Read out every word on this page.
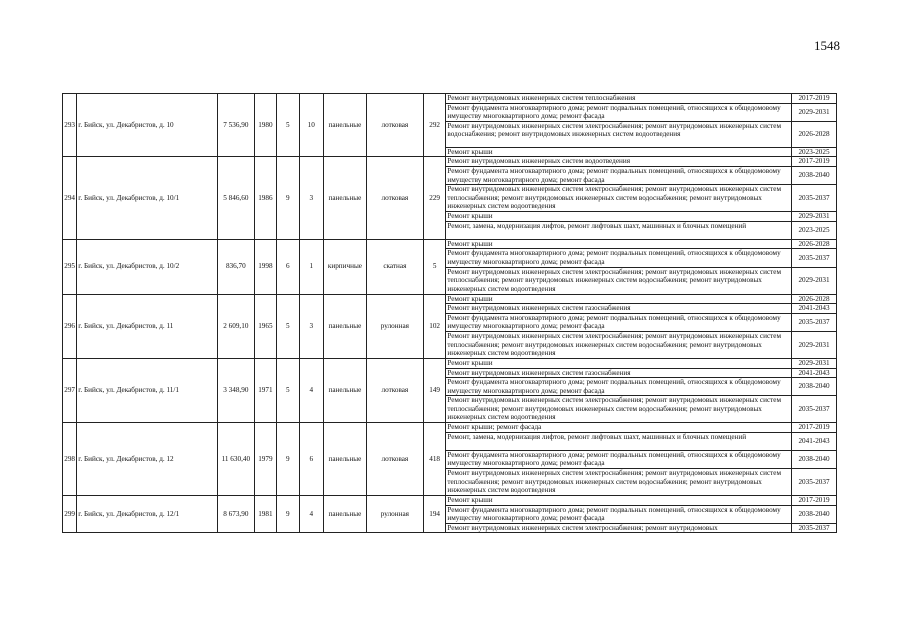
1548
293	г. Бийск, ул. Декабристов, д. 10	7 536,90	1980	5	10	панельные	лотковая	292	Ремонт внутридомовых инженерных систем теплоснабжения	2017-2019
									Ремонт фундамента многоквартирного дома; ремонт подвальных помещений, относящихся к общедомовому имуществу многоквартирного дома; ремонт фасада	2029-2031
									Ремонт внутридомовых инженерных систем электроснабжения; ремонт внутридомовых инженерных систем водоснабжения; ремонт внутридомовых инженерных систем водоотведения	2026-2028
									Ремонт крыши	2023-2025
294	г. Бийск, ул. Декабристов, д. 10/1	5 846,60	1986	9	3	панельные	лотковая	229	Ремонт внутридомовых инженерных систем водоотведения	2017-2019
									Ремонт фундамента многоквартирного дома; ремонт подвальных помещений, относящихся к общедомовому имуществу многоквартирного дома; ремонт фасада	2038-2040
									Ремонт внутридомовых инженерных систем электроснабжения; ремонт внутридомовых инженерных систем теплоснабжения; ремонт внутридомовых инженерных систем водоснабжения; ремонт внутридомовых инженерных систем водоотведения	2035-2037
									Ремонт крыши	2029-2031
									Ремонт, замена, модернизация лифтов, ремонт лифтовых шахт, машинных и блочных помещений	2023-2025
295	г. Бийск, ул. Декабристов, д. 10/2	836,70	1998	6	1	кирпичные	скатная	5	Ремонт крыши	2026-2028
									Ремонт фундамента многоквартирного дома; ремонт подвальных помещений, относящихся к общедомовому имуществу многоквартирного дома; ремонт фасада	2035-2037
									Ремонт внутридомовых инженерных систем электроснабжения; ремонт внутридомовых инженерных систем теплоснабжения; ремонт внутридомовых инженерных систем водоснабжения; ремонт внутридомовых инженерных систем водоотведения	2029-2031
296	г. Бийск, ул. Декабристов, д. 11	2 609,10	1965	5	3	панельные	рулонная	102	Ремонт крыши	2026-2028
									Ремонт внутридомовых инженерных систем газоснабжения	2041-2043
									Ремонт фундамента многоквартирного дома; ремонт подвальных помещений, относящихся к общедомовому имуществу многоквартирного дома; ремонт фасада	2035-2037
									Ремонт внутридомовых инженерных систем электроснабжения; ремонт внутридомовых инженерных систем теплоснабжения; ремонт внутридомовых инженерных систем водоснабжения; ремонт внутридомовых инженерных систем водоотведения	2029-2031
297	г. Бийск, ул. Декабристов, д. 11/1	3 348,90	1971	5	4	панельные	лотковая	149	Ремонт крыши	2029-2031
									Ремонт внутридомовых инженерных систем газоснабжения	2041-2043
									Ремонт фундамента многоквартирного дома; ремонт подвальных помещений, относящихся к общедомовому имуществу многоквартирного дома; ремонт фасада	2038-2040
									Ремонт внутридомовых инженерных систем электроснабжения; ремонт внутридомовых инженерных систем теплоснабжения; ремонт внутридомовых инженерных систем водоснабжения; ремонт внутридомовых инженерных систем водоотведения	2035-2037
298	г. Бийск, ул. Декабристов, д. 12	11 630,40	1979	9	6	панельные	лотковая	418	Ремонт крыши; ремонт фасада	2017-2019
									Ремонт, замена, модернизация лифтов, ремонт лифтовых шахт, машинных и блочных помещений	2041-2043
									Ремонт фундамента многоквартирного дома; ремонт подвальных помещений, относящихся к общедомовому имуществу многоквартирного дома; ремонт фасада	2038-2040
									Ремонт внутридомовых инженерных систем электроснабжения; ремонт внутридомовых инженерных систем теплоснабжения; ремонт внутридомовых инженерных систем водоснабжения; ремонт внутридомовых инженерных систем водоотведения	2035-2037
299	г. Бийск, ул. Декабристов, д. 12/1	8 673,90	1981	9	4	панельные	рулонная	194	Ремонт крыши	2017-2019
									Ремонт фундамента многоквартирного дома; ремонт подвальных помещений, относящихся к общедомовому имуществу многоквартирного дома; ремонт фасада	2038-2040
									Ремонт внутридомовых инженерных систем электроснабжения; ремонт внутридомовых	2035-2037
